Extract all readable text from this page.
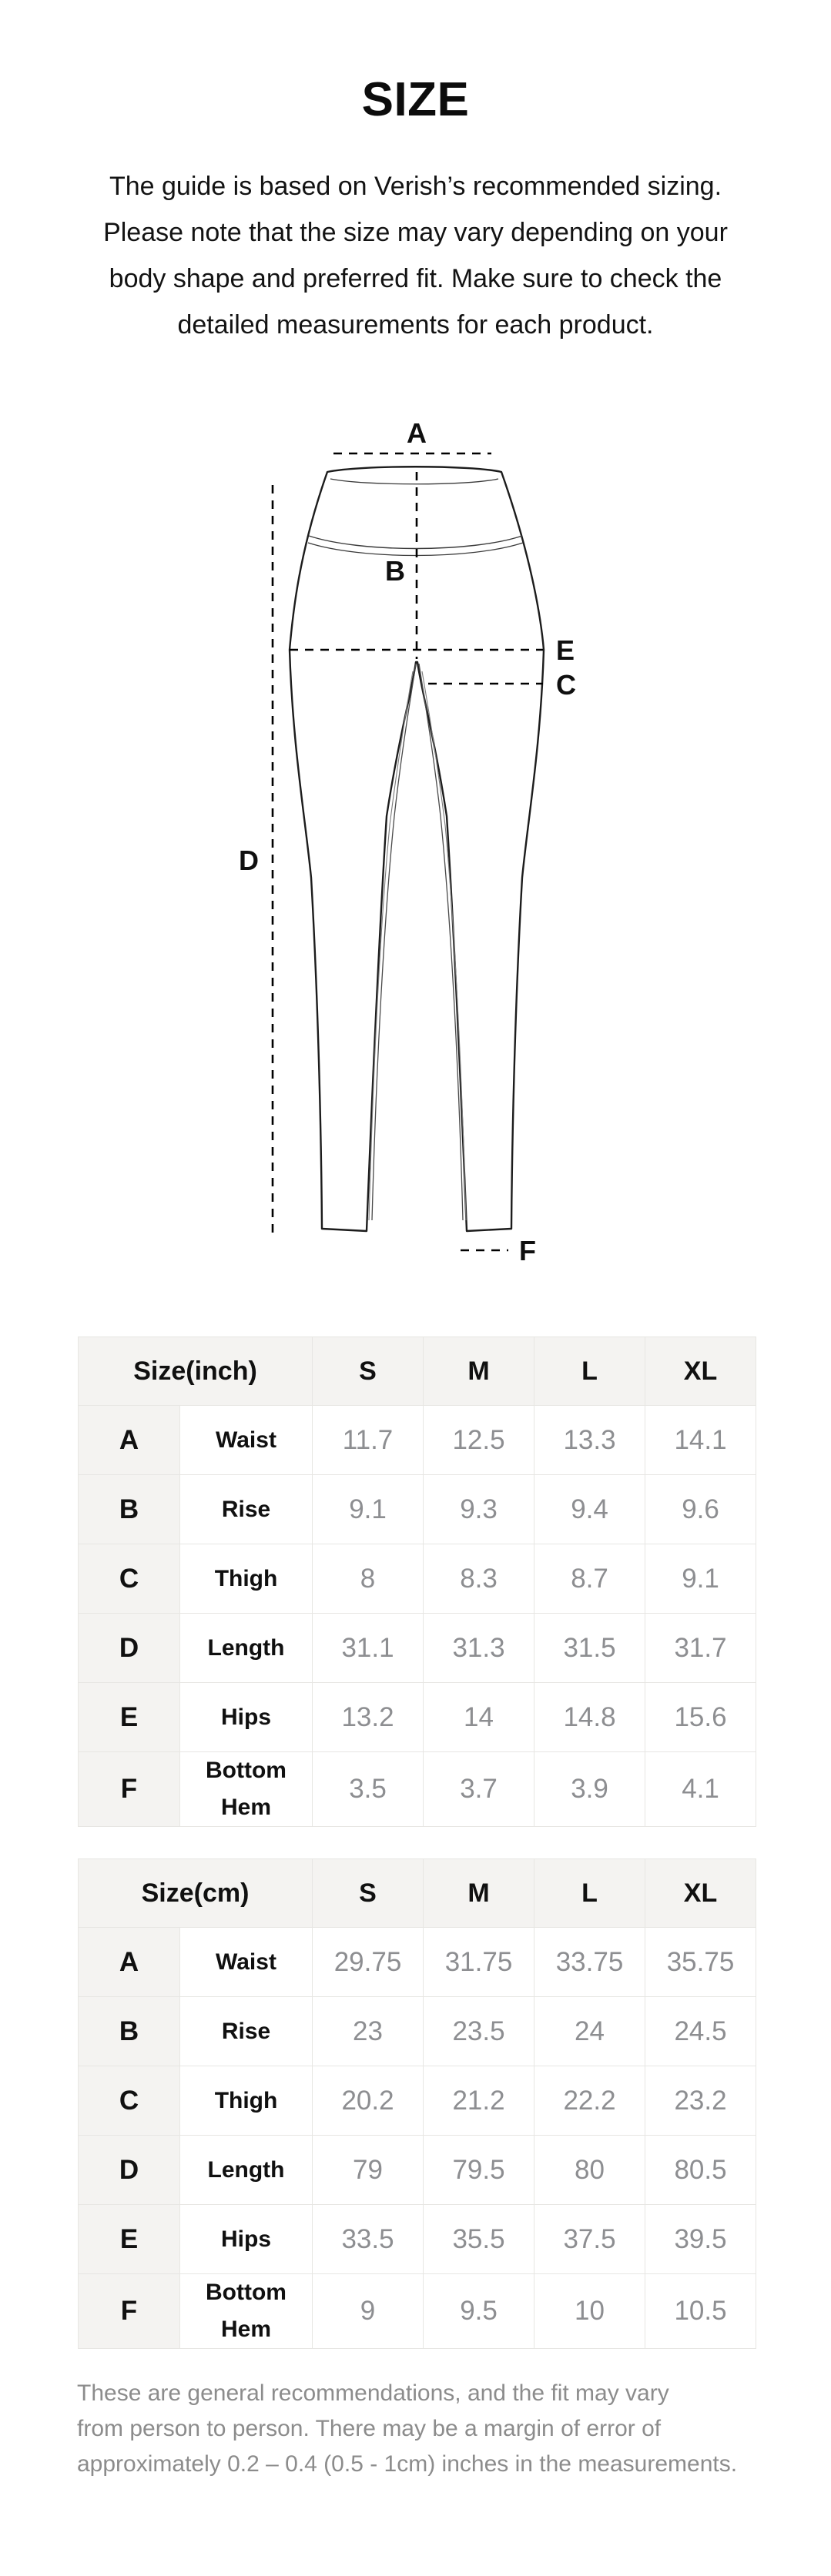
SIZE
The guide is based on Verish’s recommended sizing.
Please note that the size may vary depending on your
body shape and preferred fit. Make sure to check the
detailed measurements for each product.
A
B
E
C
D
F
Size(inch)		S	M	L	XL
A	Waist	11.7	12.5	13.3	14.1
B	Rise	9.1	9.3	9.4	9.6
C	Thigh	8	8.3	8.7	9.1
D	Length	31.1	31.3	31.5	31.7
E	Hips	13.2	14	14.8	15.6
F	Bottom Hem	3.5	3.7	3.9	4.1
Size(cm)		S	M	L	XL
A	Waist	29.75	31.75	33.75	35.75
B	Rise	23	23.5	24	24.5
C	Thigh	20.2	21.2	22.2	23.2
D	Length	79	79.5	80	80.5
E	Hips	33.5	35.5	37.5	39.5
F	Bottom Hem	9	9.5	10	10.5
These are general recommendations, and the fit may vary
from person to person. There may be a margin of error of
approximately 0.2 – 0.4 (0.5 - 1cm) inches in the measurements.
